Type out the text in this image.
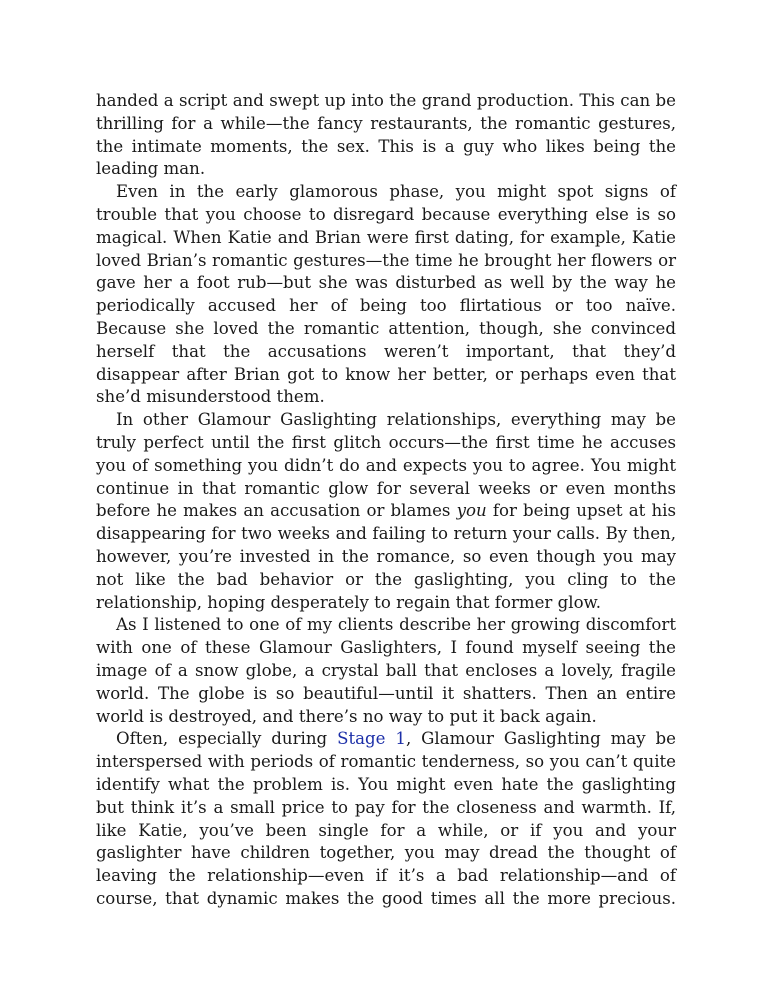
handed a script and swept up into the grand production. This can be thrilling for a while—the fancy restaurants, the romantic gestures, the intimate moments, the sex. This is a guy who likes being the leading man.

Even in the early glamorous phase, you might spot signs of trouble that you choose to disregard because everything else is so magical. When Katie and Brian were first dating, for example, Katie loved Brian’s romantic gestures—the time he brought her flowers or gave her a foot rub—but she was disturbed as well by the way he periodically accused her of being too flirtatious or too naïve. Because she loved the romantic attention, though, she convinced herself that the accusations weren’t important, that they’d disappear after Brian got to know her better, or perhaps even that she’d misunderstood them.

In other Glamour Gaslighting relationships, everything may be truly perfect until the first glitch occurs—the first time he accuses you of something you didn’t do and expects you to agree. You might continue in that romantic glow for several weeks or even months before he makes an accusation or blames you for being upset at his disappearing for two weeks and failing to return your calls. By then, however, you’re invested in the romance, so even though you may not like the bad behavior or the gaslighting, you cling to the relationship, hoping desperately to regain that former glow.

As I listened to one of my clients describe her growing discomfort with one of these Glamour Gaslighters, I found myself seeing the image of a snow globe, a crystal ball that encloses a lovely, fragile world. The globe is so beautiful—until it shatters. Then an entire world is destroyed, and there’s no way to put it back again.

Often, especially during Stage 1, Glamour Gaslighting may be interspersed with periods of romantic tenderness, so you can’t quite identify what the problem is. You might even hate the gaslighting but think it’s a small price to pay for the closeness and warmth. If, like Katie, you’ve been single for a while, or if you and your gaslighter have children together, you may dread the thought of leaving the relationship—even if it’s a bad relationship—and of course, that dynamic makes the good times all the more precious.
